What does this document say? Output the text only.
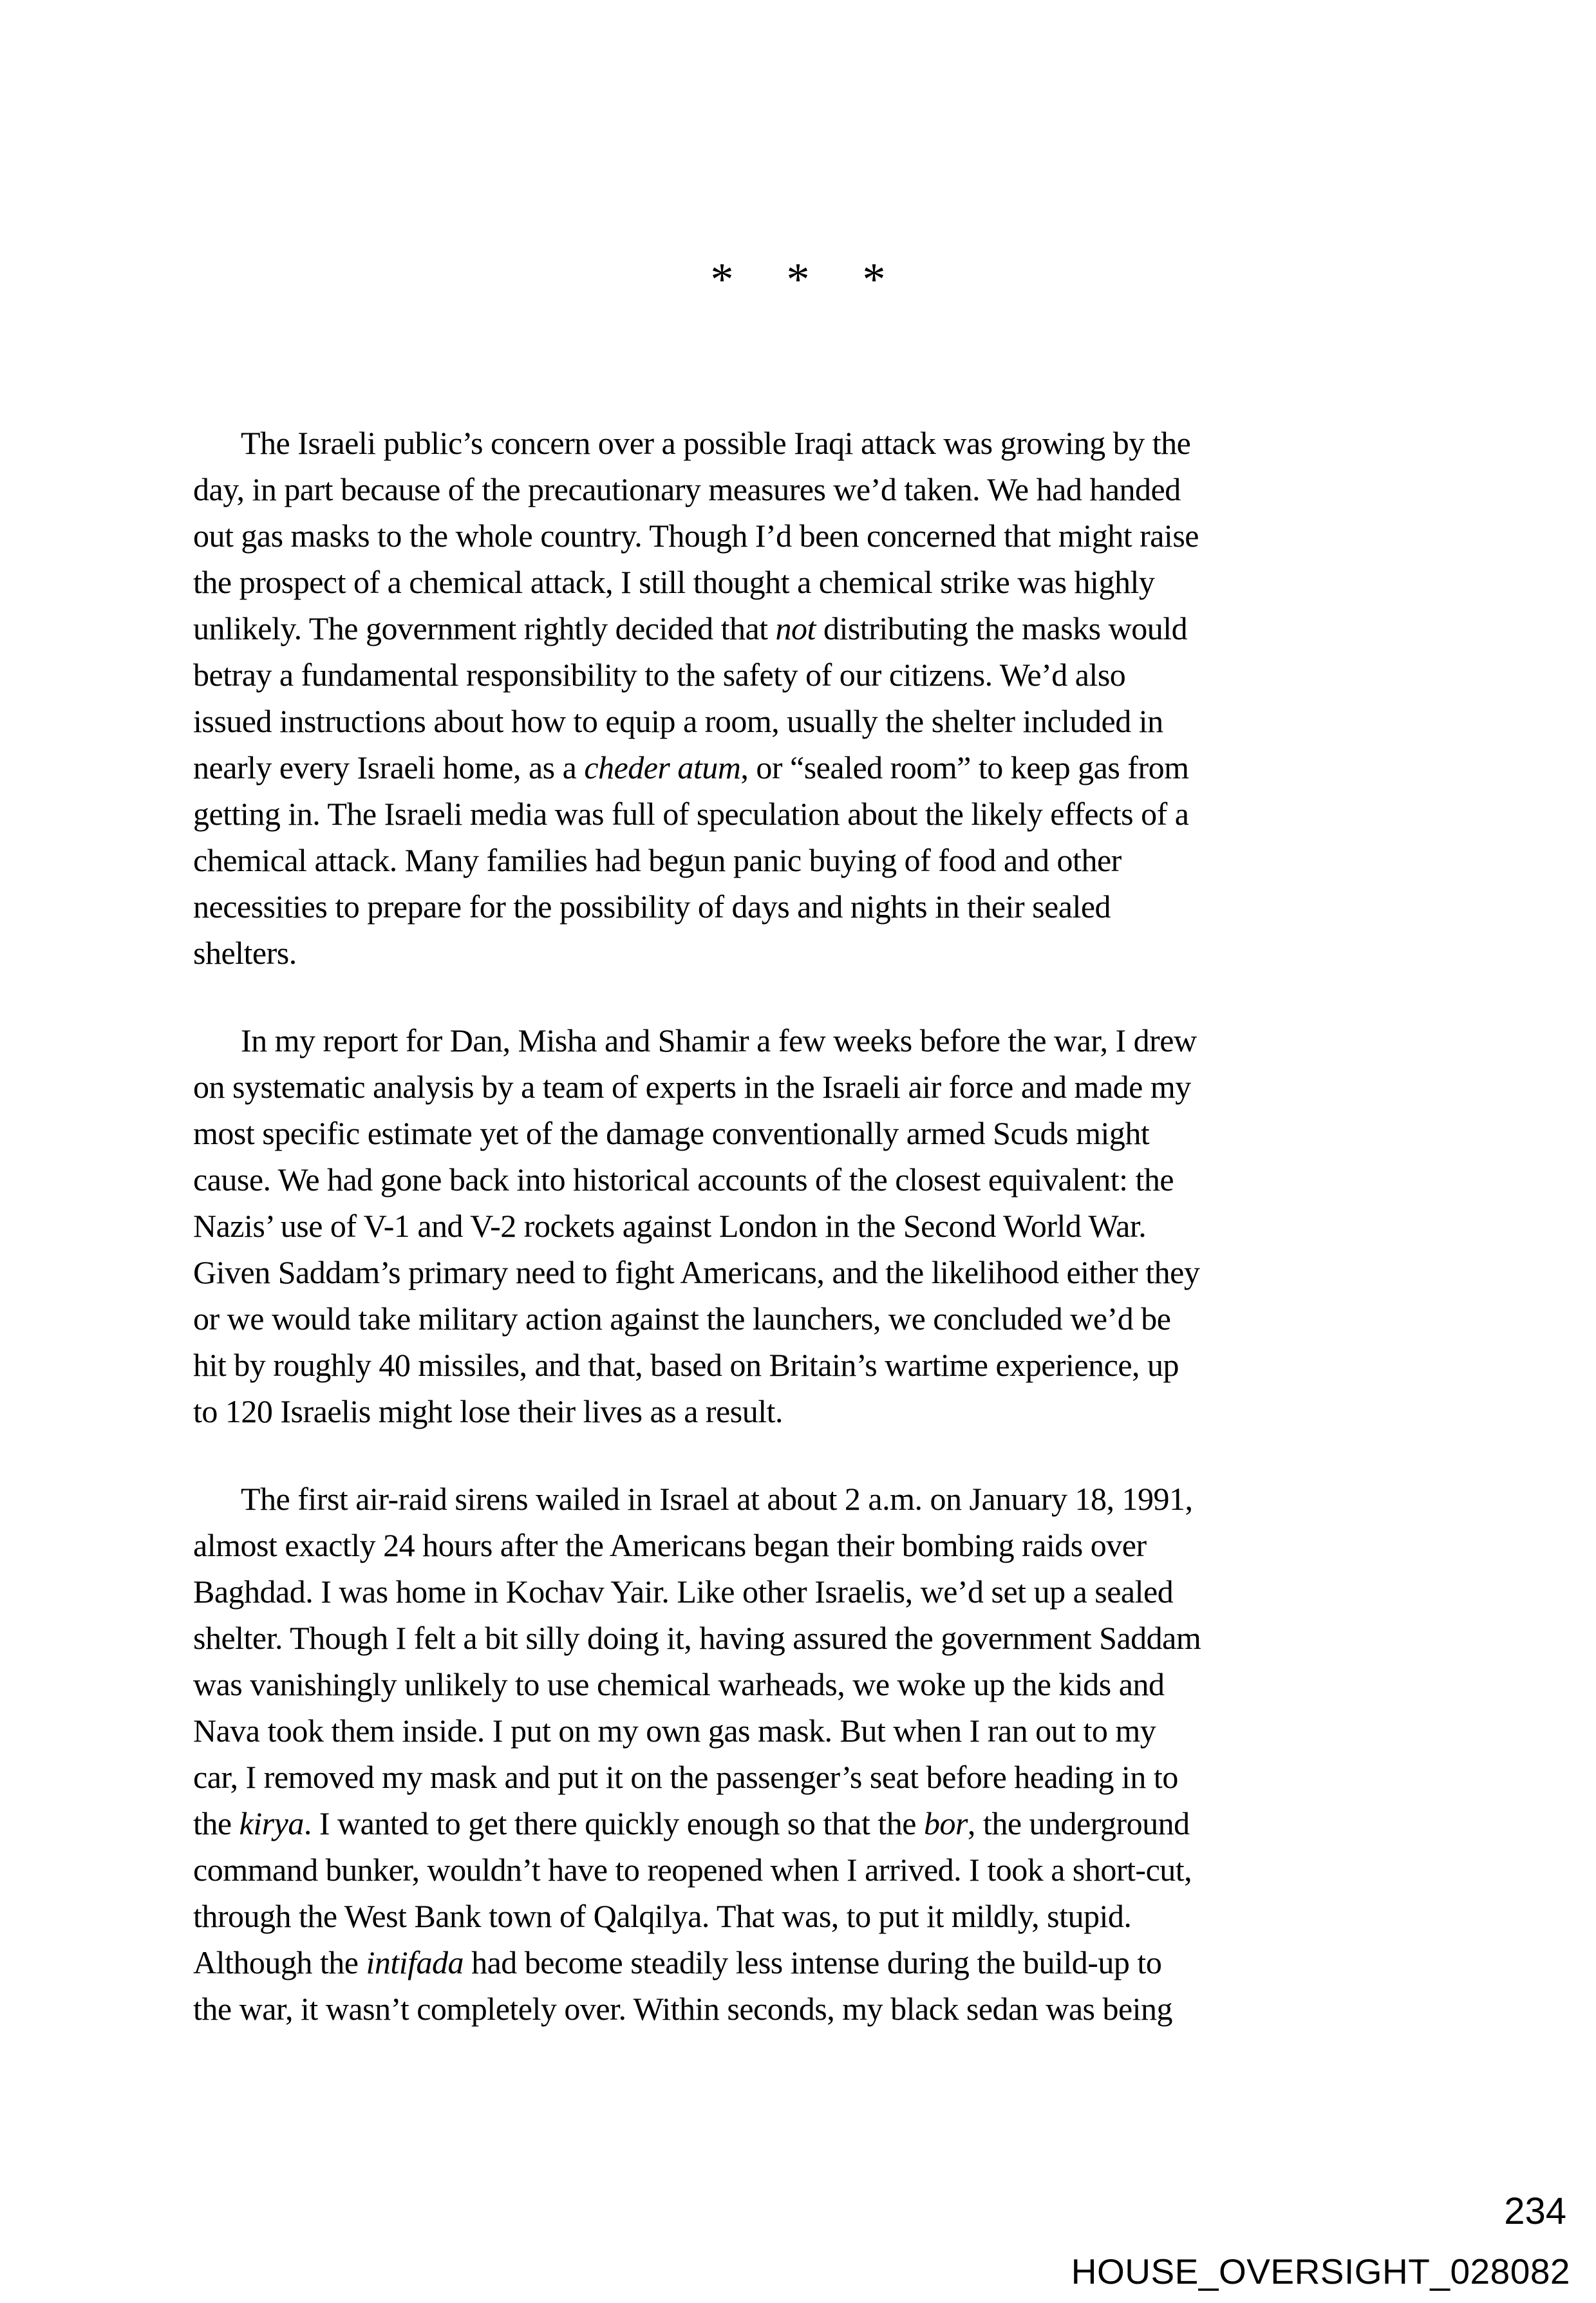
* * *
The Israeli public’s concern over a possible Iraqi attack was growing by the
day, in part because of the precautionary measures we’d taken. We had handed
out gas masks to the whole country. Though I’d been concerned that might raise
the prospect of a chemical attack, I still thought a chemical strike was highly
unlikely. The government rightly decided that not distributing the masks would
betray a fundamental responsibility to the safety of our citizens. We’d also
issued instructions about how to equip a room, usually the shelter included in
nearly every Israeli home, as a cheder atum, or “sealed room” to keep gas from
getting in. The Israeli media was full of speculation about the likely effects of a
chemical attack. Many families had begun panic buying of food and other
necessities to prepare for the possibility of days and nights in their sealed
shelters.
In my report for Dan, Misha and Shamir a few weeks before the war, I drew
on systematic analysis by a team of experts in the Israeli air force and made my
most specific estimate yet of the damage conventionally armed Scuds might
cause. We had gone back into historical accounts of the closest equivalent: the
Nazis’ use of V-1 and V-2 rockets against London in the Second World War.
Given Saddam’s primary need to fight Americans, and the likelihood either they
or we would take military action against the launchers, we concluded we’d be
hit by roughly 40 missiles, and that, based on Britain’s wartime experience, up
to 120 Israelis might lose their lives as a result.
The first air-raid sirens wailed in Israel at about 2 a.m. on January 18, 1991,
almost exactly 24 hours after the Americans began their bombing raids over
Baghdad. I was home in Kochav Yair. Like other Israelis, we’d set up a sealed
shelter. Though I felt a bit silly doing it, having assured the government Saddam
was vanishingly unlikely to use chemical warheads, we woke up the kids and
Nava took them inside. I put on my own gas mask. But when I ran out to my
car, I removed my mask and put it on the passenger’s seat before heading in to
the kirya. I wanted to get there quickly enough so that the bor, the underground
command bunker, wouldn’t have to reopened when I arrived. I took a short-cut,
through the West Bank town of Qalqilya. That was, to put it mildly, stupid.
Although the intifada had become steadily less intense during the build-up to
the war, it wasn’t completely over. Within seconds, my black sedan was being
234
HOUSE_OVERSIGHT_028082
